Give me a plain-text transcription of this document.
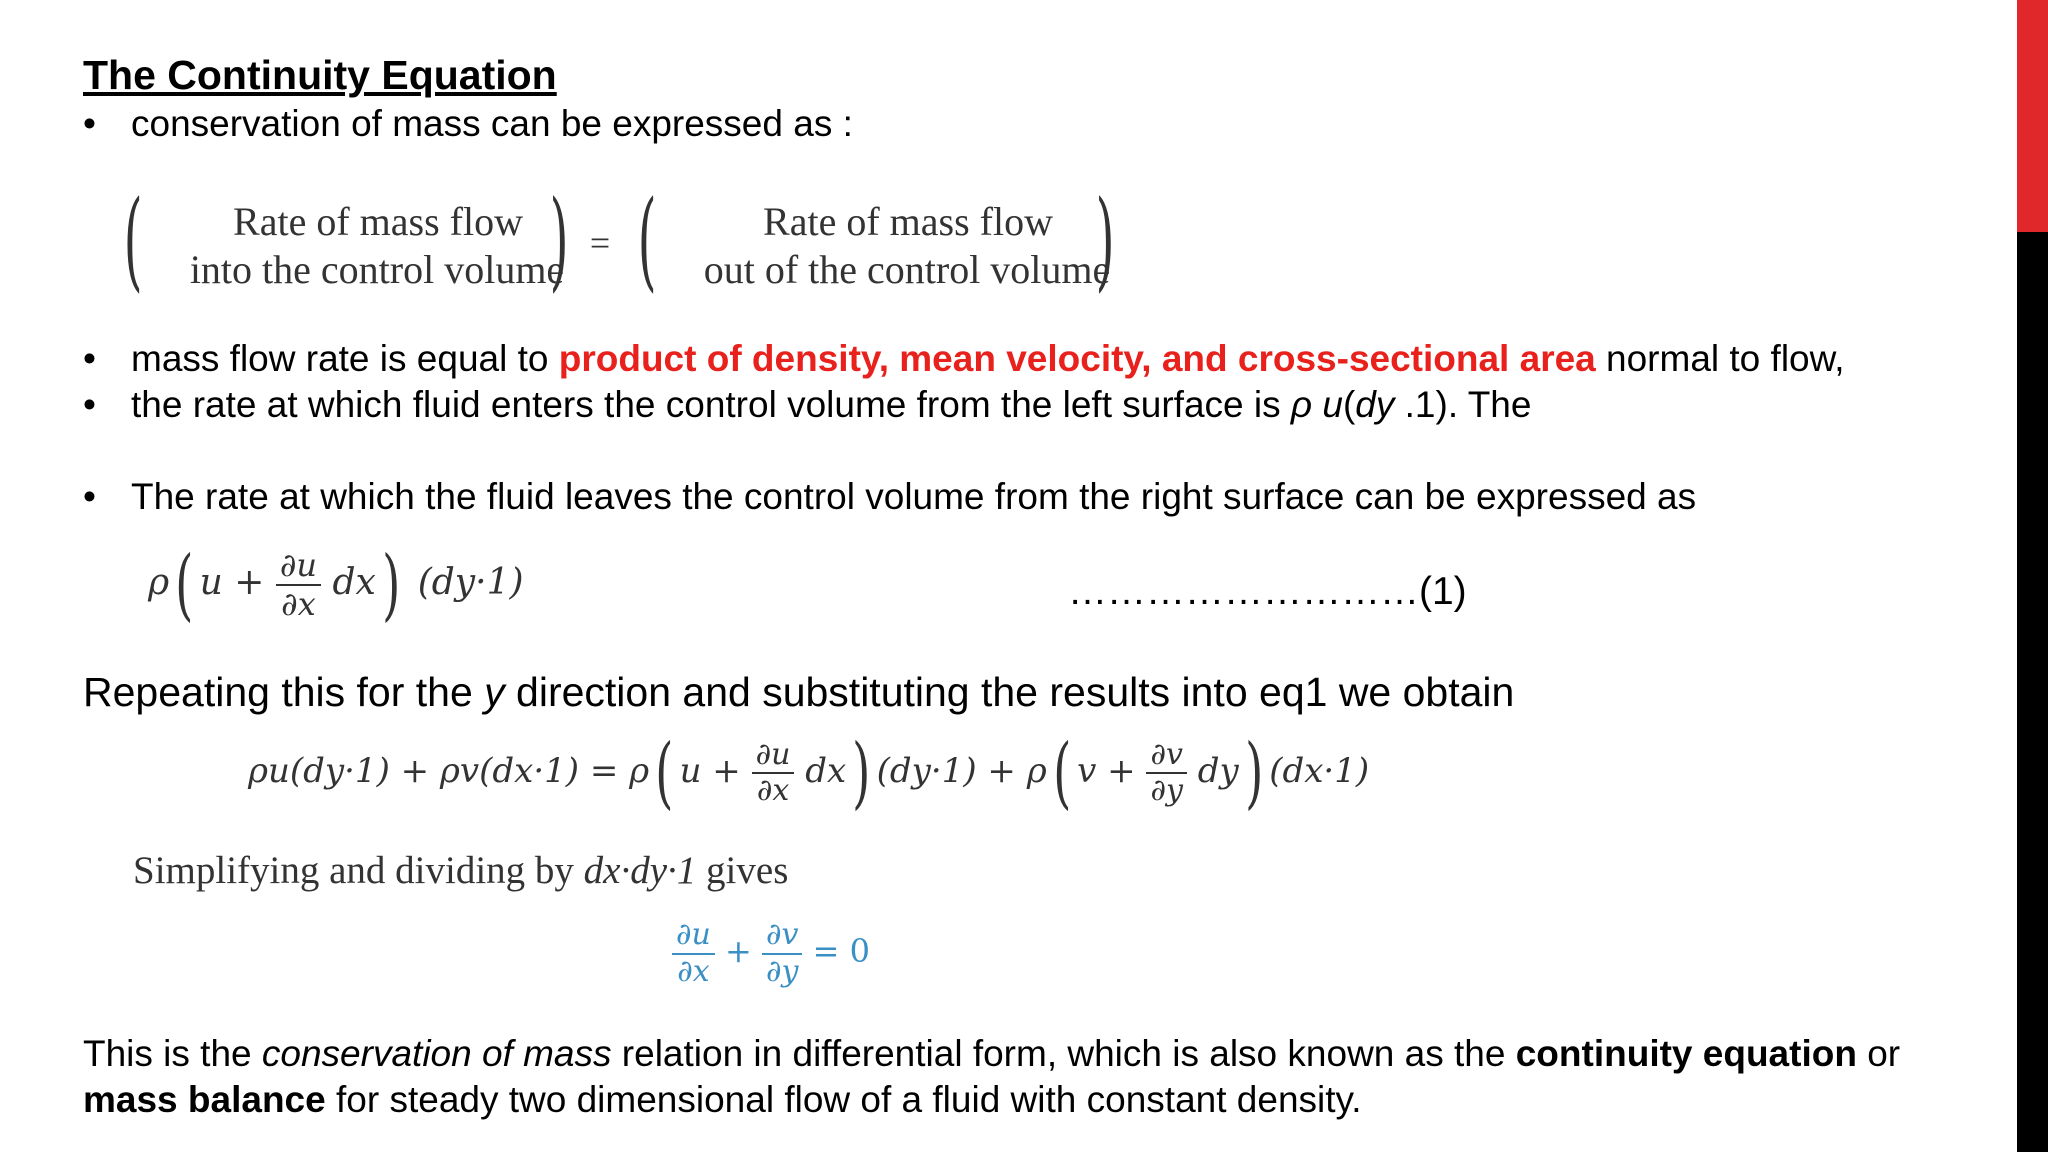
The Continuity Equation
• conservation of mass can be expressed as :
(	Rate of mass flow
into the control volume
) = (	Rate of mass flow
out of the control volume
)
• mass flow rate is equal to product of density, mean velocity, and cross-sectional area normal to flow,
• the rate at which fluid enters the control volume from the left surface is ρ u(dy .1). The
• The rate at which the fluid leaves the control volume from the right surface can be expressed as
ρ( $u + \frac{\partial u}{\partial x} dx$) (dy·1)	………………………(1)
Repeating this for the y direction and substituting the results into eq1 we obtain
ρu(dy·1) + ρv(dx·1) = ρ( $u + \frac{\partial u}{\partial x} dx$) (dy·1) + ρ( $v + \frac{\partial v}{\partial y} dy$) (dx·1)
Simplifying and dividing by dx·dy·1 gives
$\frac{\partial u}{\partial x} + \frac{\partial v}{\partial y} = 0$
This is the conservation of mass relation in differential form, which is also known as the continuity equation or
mass balance for steady two dimensional flow of a fluid with constant density.
